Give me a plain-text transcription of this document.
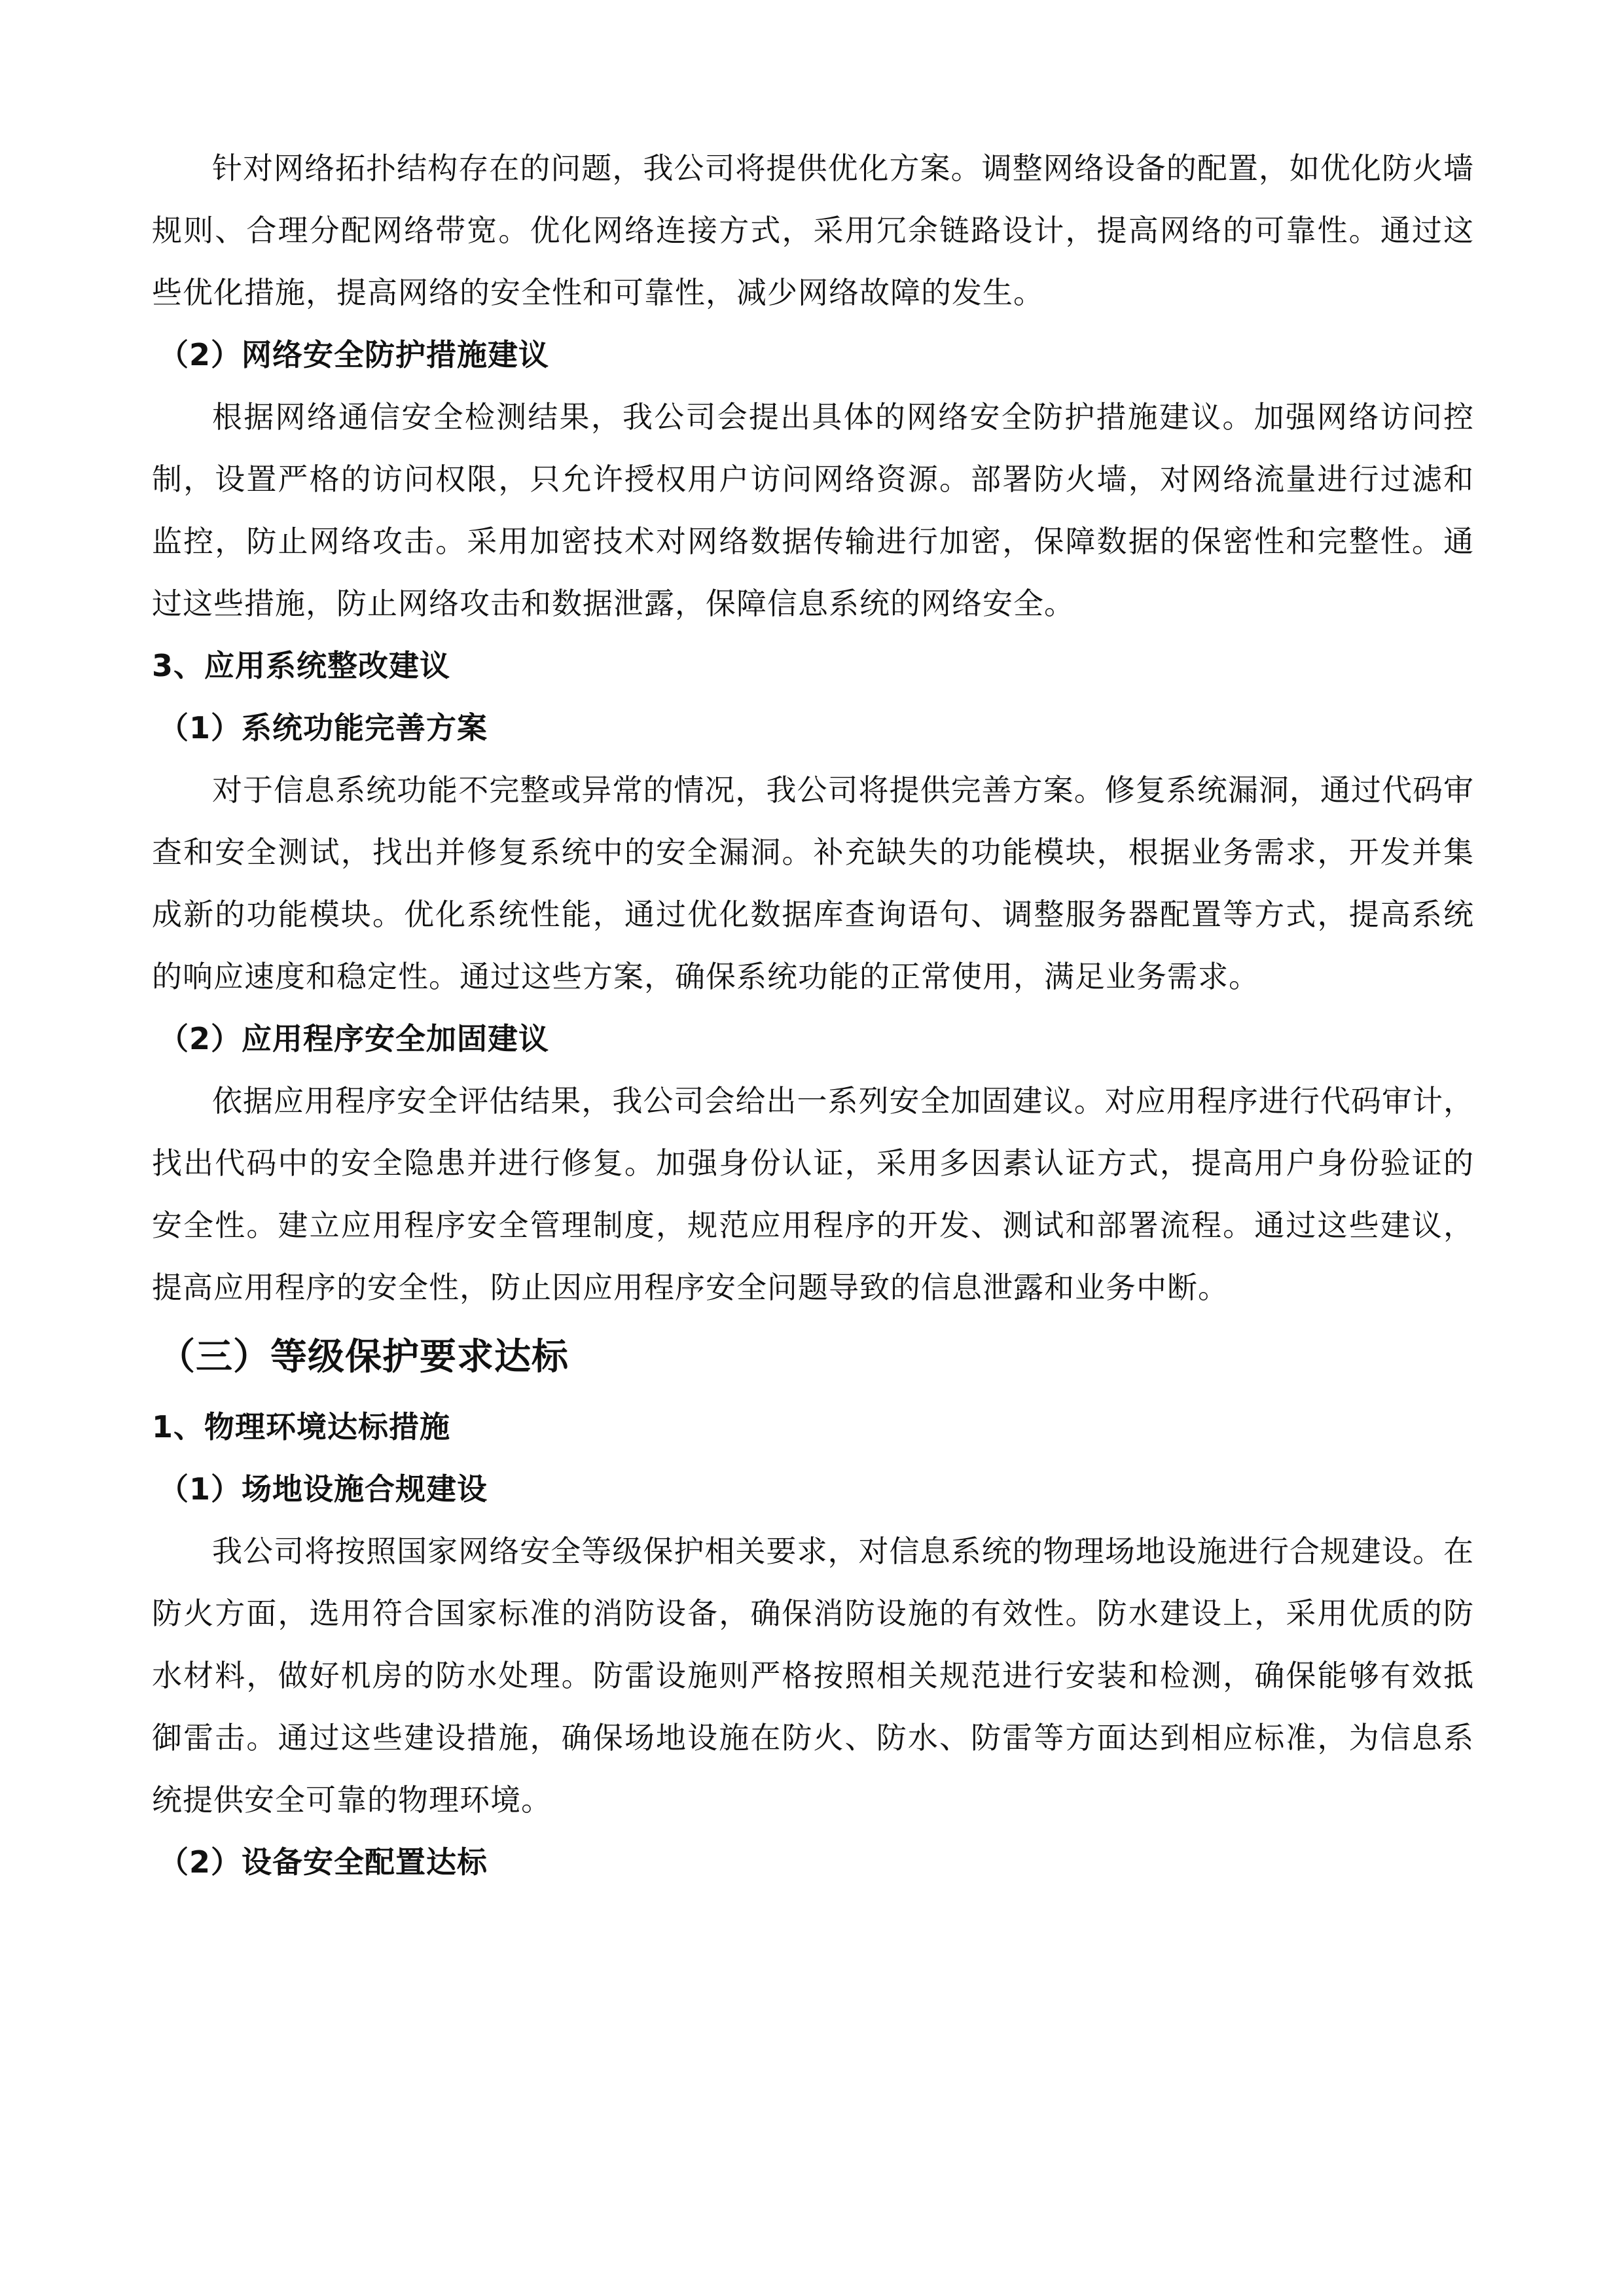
针对网络拓扑结构存在的问题，我公司将提供优化方案。调整网络设备的配置，如优化防火墙规则、合理分配网络带宽。优化网络连接方式，采用冗余链路设计，提高网络的可靠性。通过这些优化措施，提高网络的安全性和可靠性，减少网络故障的发生。

（2）网络安全防护措施建议

根据网络通信安全检测结果，我公司会提出具体的网络安全防护措施建议。加强网络访问控制，设置严格的访问权限，只允许授权用户访问网络资源。部署防火墙，对网络流量进行过滤和监控，防止网络攻击。采用加密技术对网络数据传输进行加密，保障数据的保密性和完整性。通过这些措施，防止网络攻击和数据泄露，保障信息系统的网络安全。

3、应用系统整改建议

（1）系统功能完善方案

对于信息系统功能不完整或异常的情况，我公司将提供完善方案。修复系统漏洞，通过代码审查和安全测试，找出并修复系统中的安全漏洞。补充缺失的功能模块，根据业务需求，开发并集成新的功能模块。优化系统性能，通过优化数据库查询语句、调整服务器配置等方式，提高系统的响应速度和稳定性。通过这些方案，确保系统功能的正常使用，满足业务需求。

（2）应用程序安全加固建议

依据应用程序安全评估结果，我公司会给出一系列安全加固建议。对应用程序进行代码审计，找出代码中的安全隐患并进行修复。加强身份认证，采用多因素认证方式，提高用户身份验证的安全性。建立应用程序安全管理制度，规范应用程序的开发、测试和部署流程。通过这些建议，提高应用程序的安全性，防止因应用程序安全问题导致的信息泄露和业务中断。

（三）等级保护要求达标

1、物理环境达标措施

（1）场地设施合规建设

我公司将按照国家网络安全等级保护相关要求，对信息系统的物理场地设施进行合规建设。在防火方面，选用符合国家标准的消防设备，确保消防设施的有效性。防水建设上，采用优质的防水材料，做好机房的防水处理。防雷设施则严格按照相关规范进行安装和检测，确保能够有效抵御雷击。通过这些建设措施，确保场地设施在防火、防水、防雷等方面达到相应标准，为信息系统提供安全可靠的物理环境。

（2）设备安全配置达标
